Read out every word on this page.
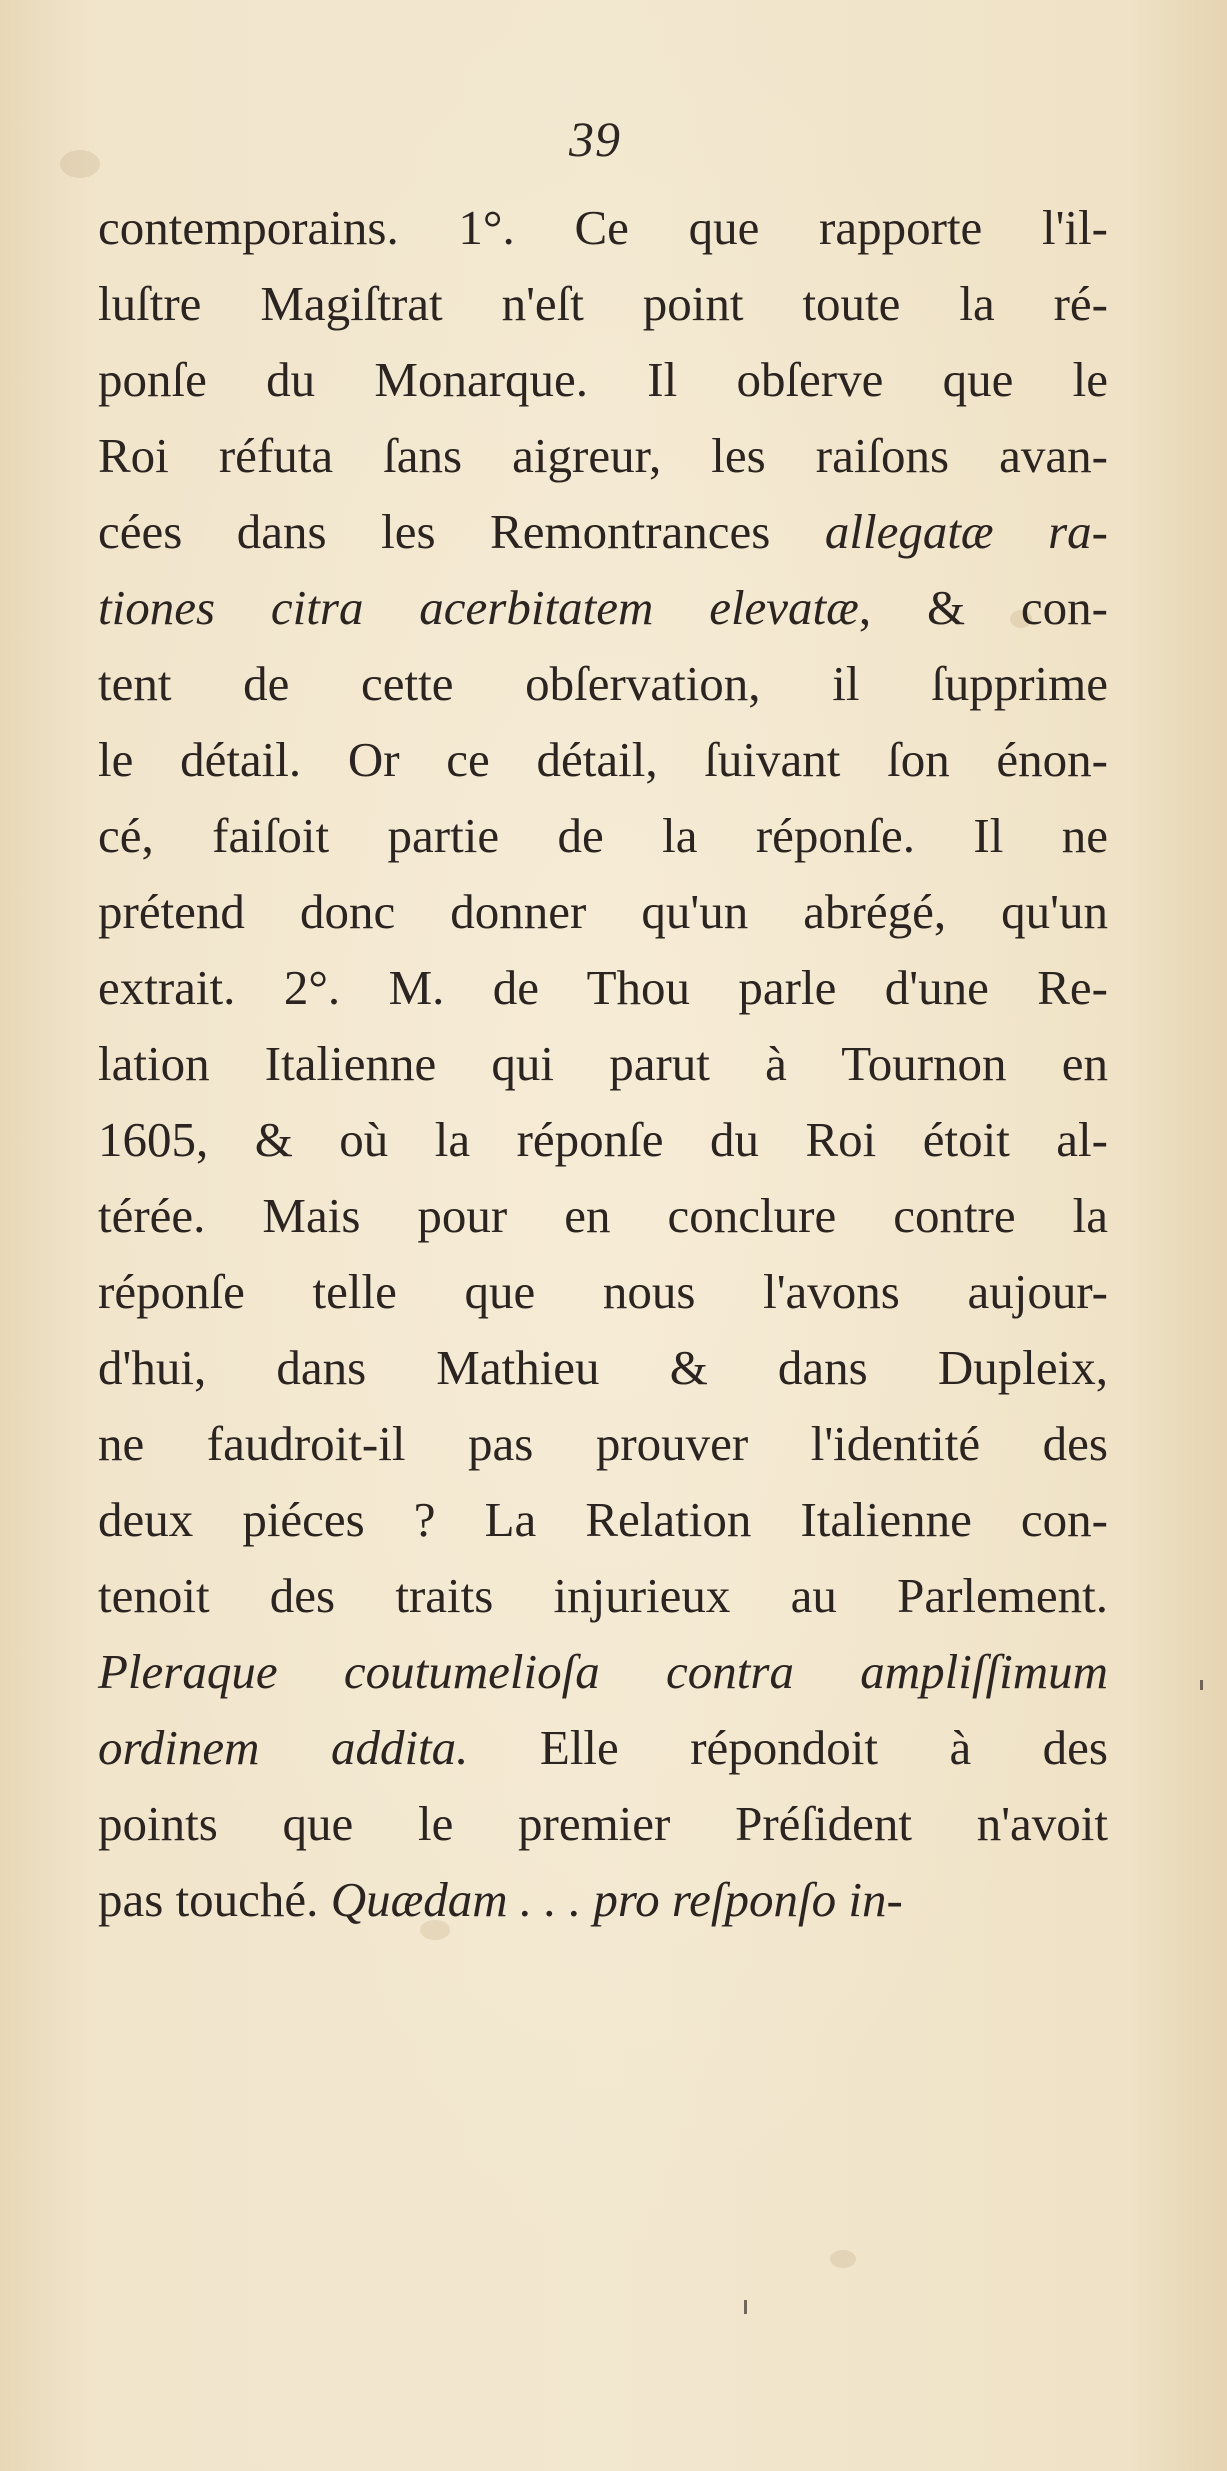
39
contemporains. 1°. Ce que rapporte l'il-
luſtre Magiſtrat n'eſt point toute la ré-
ponſe du Monarque. Il obſerve que le
Roi réfuta ſans aigreur, les raiſons avan-
cées dans les Remontrances allegatæ ra-
tiones citra acerbitatem elevatæ, & con-
tent de cette obſervation, il ſupprime
le détail. Or ce détail, ſuivant ſon énon-
cé, faiſoit partie de la réponſe. Il ne
prétend donc donner qu'un abrégé, qu'un
extrait. 2°. M. de Thou parle d'une Re-
lation Italienne qui parut à Tournon en
1605, & où la réponſe du Roi étoit al-
térée. Mais pour en conclure contre la
réponſe telle que nous l'avons aujour-
d'hui, dans Mathieu & dans Dupleix,
ne faudroit-il pas prouver l'identité des
deux piéces ? La Relation Italienne con-
tenoit des traits injurieux au Parlement.
Pleraque coutumelioſa contra ampliſſimum
ordinem addita. Elle répondoit à des
points que le premier Préſident n'avoit
pas touché. Quædam . . . pro reſponſo in-
